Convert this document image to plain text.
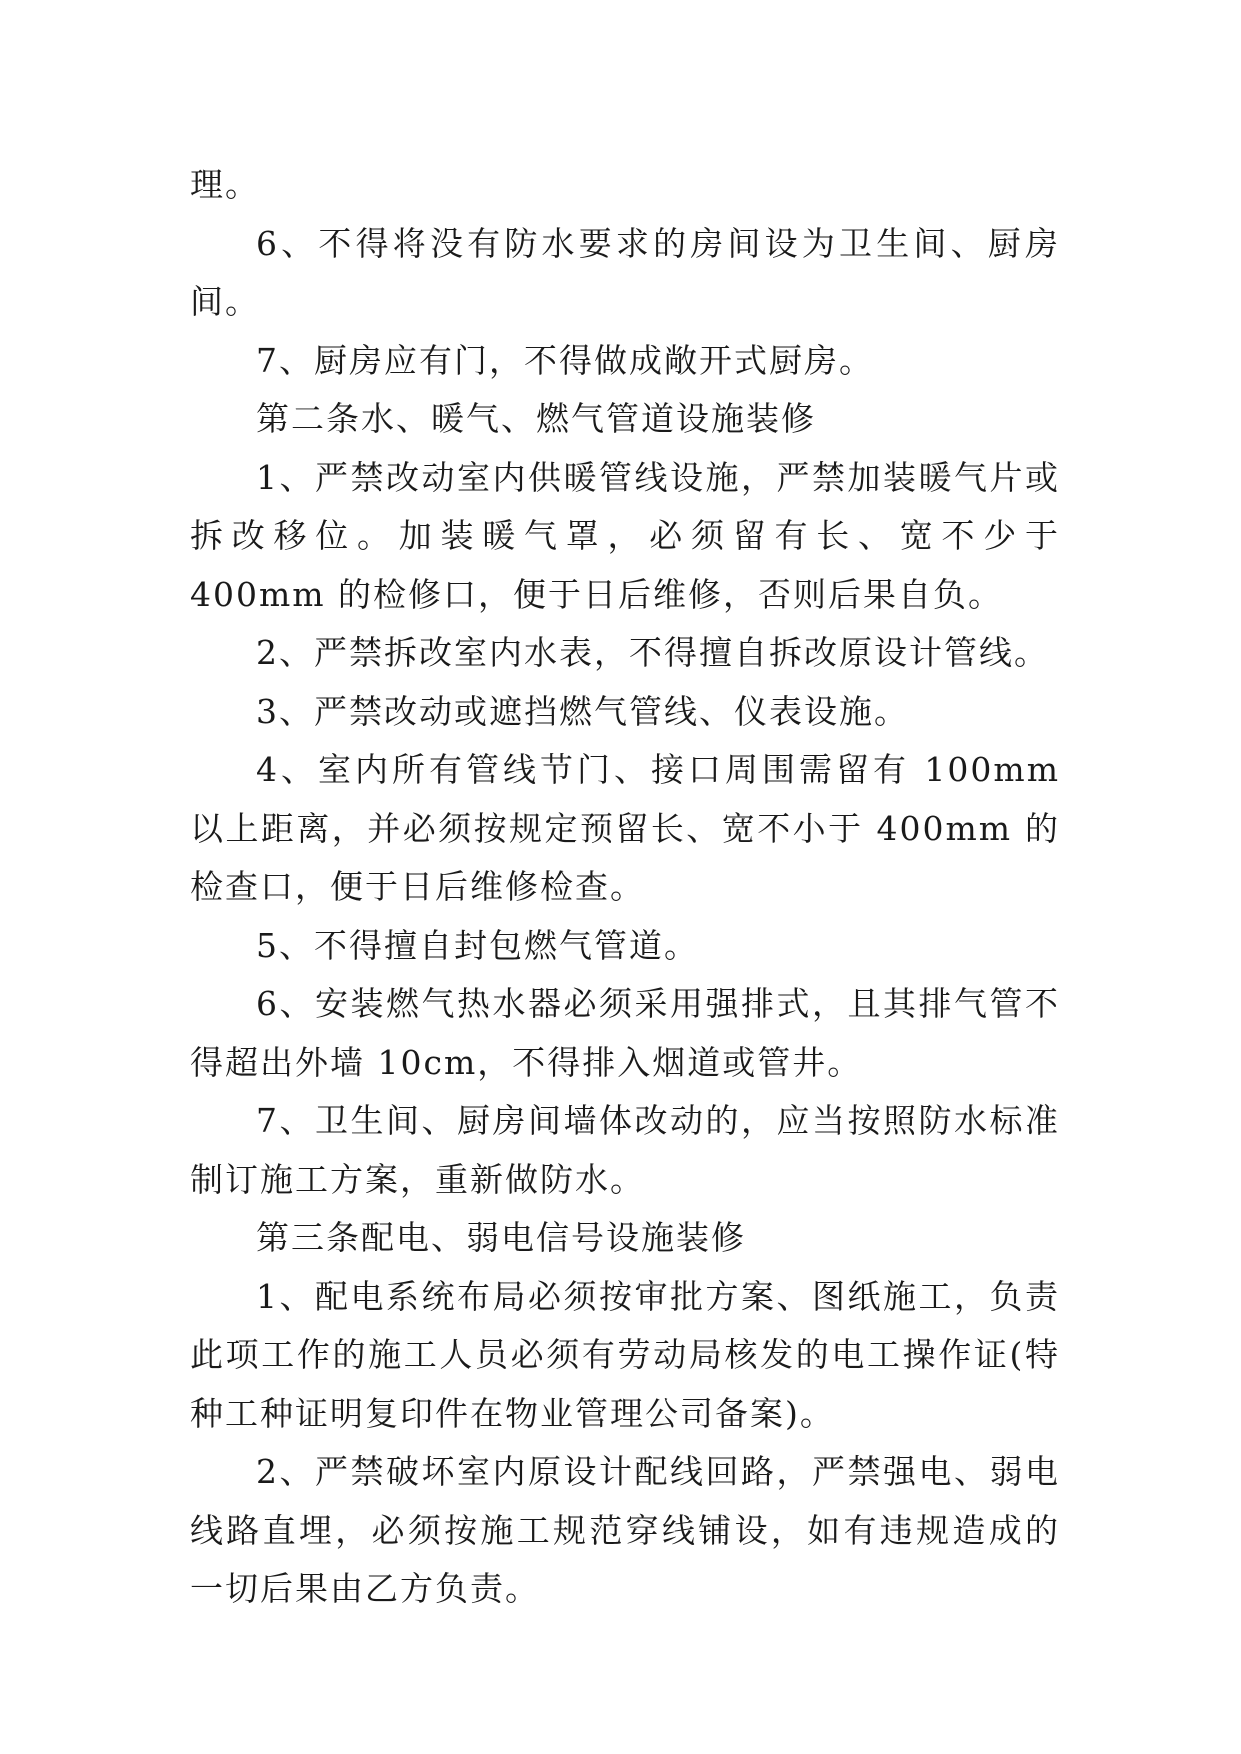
理。

6、不得将没有防水要求的房间设为卫生间、厨房间。

7、厨房应有门，不得做成敞开式厨房。

第二条水、暖气、燃气管道设施装修

1、严禁改动室内供暖管线设施，严禁加装暖气片或拆改移位。加装暖气罩，必须留有长、宽不少于 400mm 的检修口，便于日后维修，否则后果自负。

2、严禁拆改室内水表，不得擅自拆改原设计管线。

3、严禁改动或遮挡燃气管线、仪表设施。

4、室内所有管线节门、接口周围需留有 100mm 以上距离，并必须按规定预留长、宽不小于 400mm 的检查口，便于日后维修检查。

5、不得擅自封包燃气管道。

6、安装燃气热水器必须采用强排式，且其排气管不得超出外墙 10cm，不得排入烟道或管井。

7、卫生间、厨房间墙体改动的，应当按照防水标准制订施工方案，重新做防水。

第三条配电、弱电信号设施装修

1、配电系统布局必须按审批方案、图纸施工，负责此项工作的施工人员必须有劳动局核发的电工操作证(特种工种证明复印件在物业管理公司备案)。

2、严禁破坏室内原设计配线回路，严禁强电、弱电线路直埋，必须按施工规范穿线铺设，如有违规造成的一切后果由乙方负责。
